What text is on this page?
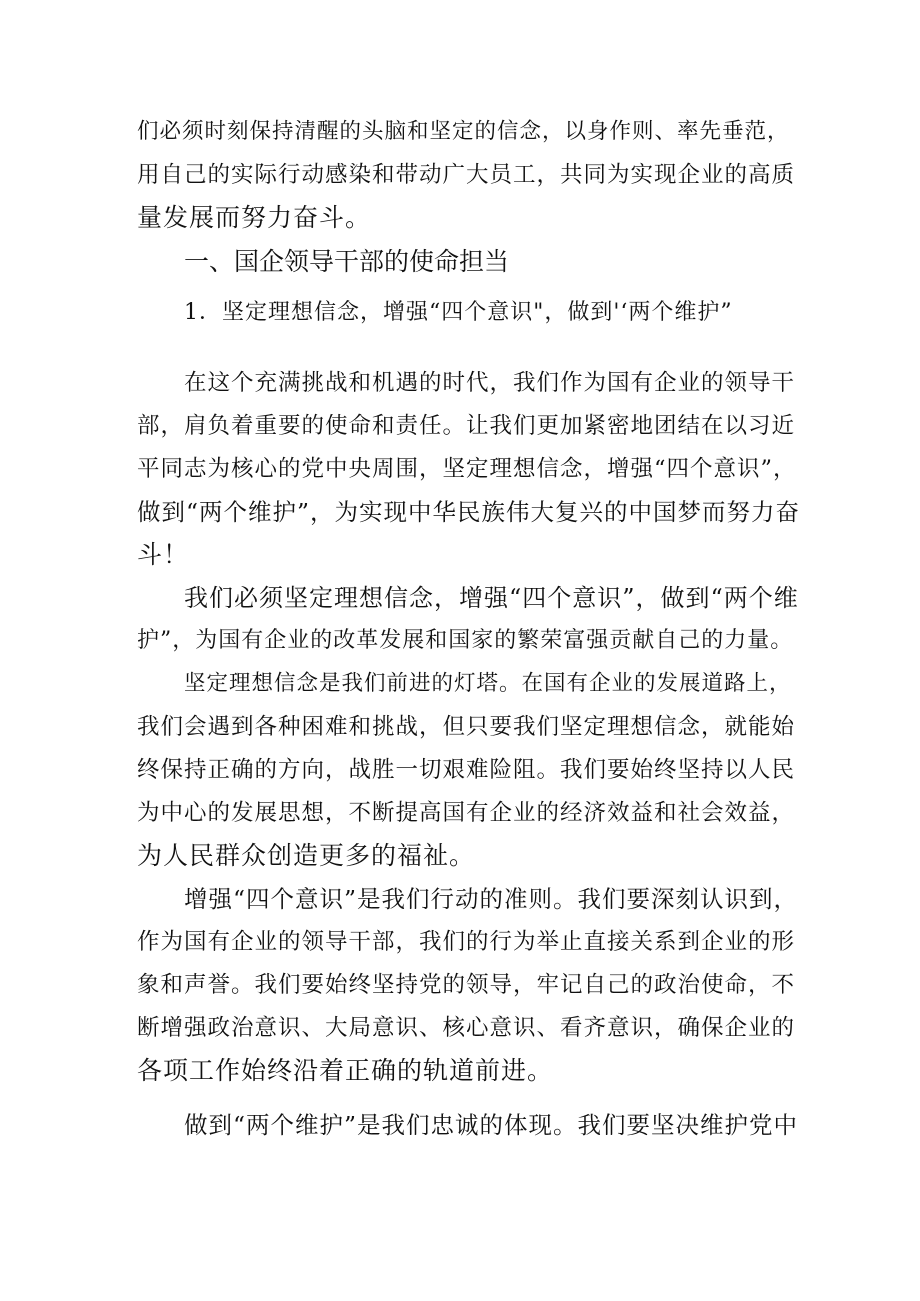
们必须时刻保持清醒的头脑和坚定的信念，以身作则、率先垂范，
用自己的实际行动感染和带动广大员工，共同为实现企业的高质
量发展而努力奋斗。
一、国企领导干部的使命担当
1．坚定理想信念，增强“四个意识"，做到'‘两个维护”
在这个充满挑战和机遇的时代，我们作为国有企业的领导干
部，肩负着重要的使命和责任。让我们更加紧密地团结在以习近
平同志为核心的党中央周围，坚定理想信念，增强“四个意识”，
做到“两个维护”，为实现中华民族伟大复兴的中国梦而努力奋
斗！
我们必须坚定理想信念，增强“四个意识”，做到“两个维
护”，为国有企业的改革发展和国家的繁荣富强贡献自己的力量。
坚定理想信念是我们前进的灯塔。在国有企业的发展道路上，
我们会遇到各种困难和挑战，但只要我们坚定理想信念，就能始
终保持正确的方向，战胜一切艰难险阻。我们要始终坚持以人民
为中心的发展思想，不断提高国有企业的经济效益和社会效益，
为人民群众创造更多的福祉。
增强“四个意识”是我们行动的准则。我们要深刻认识到，
作为国有企业的领导干部，我们的行为举止直接关系到企业的形
象和声誉。我们要始终坚持党的领导，牢记自己的政治使命，不
断增强政治意识、大局意识、核心意识、看齐意识，确保企业的
各项工作始终沿着正确的轨道前进。
做到“两个维护”是我们忠诚的体现。我们要坚决维护党中
